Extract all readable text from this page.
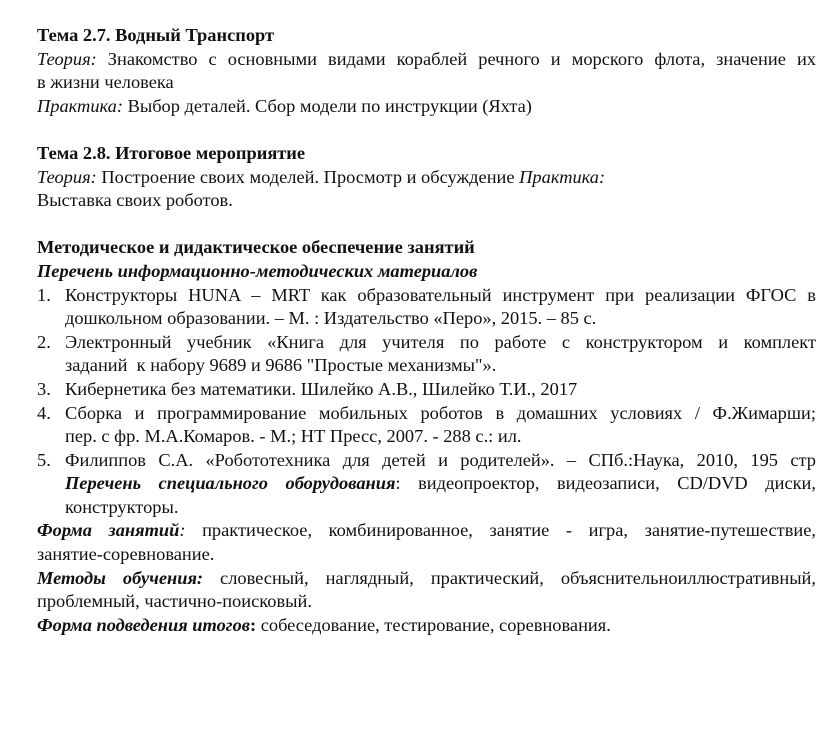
Тема 2.7. Водный Транспорт
Теория: Знакомство с основными видами кораблей речного и морского флота, значение их
в жизни человека
Практика: Выбор деталей. Сбор модели по инструкции (Яхта)
Тема 2.8. Итоговое мероприятие
Теория: Построение своих моделей. Просмотр и обсуждение Практика:
Выставка своих роботов.
Методическое и дидактическое обеспечение занятий
Перечень информационно-методических материалов
1. Конструкторы HUNA – MRT как образовательный инструмент при реализации ФГОС в
дошкольном образовании. – М. : Издательство «Перо», 2015. – 85 с.
2. Электронный учебник «Книга для учителя по работе с конструктором и комплект
заданий  к набору 9689 и 9686 "Простые механизмы"».
3. Кибернетика без математики. Шилейко А.В., Шилейко Т.И., 2017
4. Сборка и программирование мобильных роботов в домашних условиях / Ф.Жимарши;
пер. с фр. М.А.Комаров. - М.; НТ Пресс, 2007. - 288 с.: ил.
5. Филиппов С.А. «Робототехника для детей и родителей». – СПб.:Наука, 2010, 195 стр
Перечень специального оборудования: видеопроектор, видеозаписи, CD/DVD диски,
конструкторы.
Форма занятий: практическое, комбинированное, занятие - игра, занятие-путешествие,
занятие-соревнование.
Методы обучения: словесный, наглядный, практический, объяснительноиллюстративный,
проблемный, частично-поисковый.
Форма подведения итогов: собеседование, тестирование, соревнования.
